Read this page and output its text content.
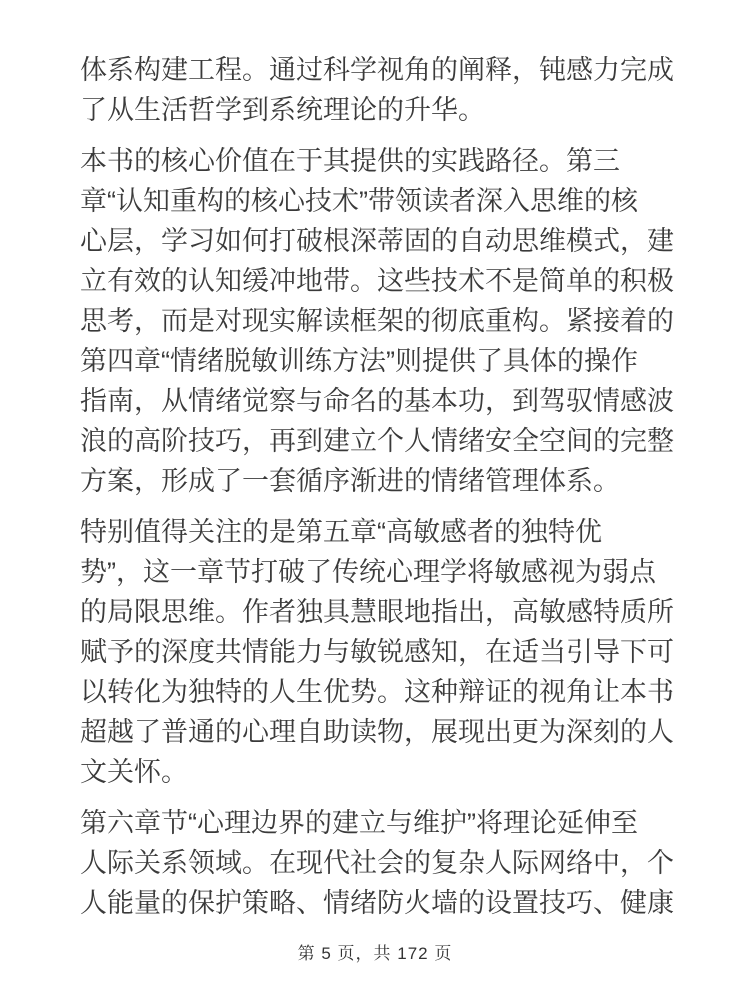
体系构建工程。通过科学视角的阐释，钝感力完成
了从生活哲学到系统理论的升华。
本书的核心价值在于其提供的实践路径。第三
章“认知重构的核心技术”带领读者深入思维的核
心层，学习如何打破根深蒂固的自动思维模式，建
立有效的认知缓冲地带。这些技术不是简单的积极
思考，而是对现实解读框架的彻底重构。紧接着的
第四章“情绪脱敏训练方法”则提供了具体的操作
指南，从情绪觉察与命名的基本功，到驾驭情感波
浪的高阶技巧，再到建立个人情绪安全空间的完整
方案，形成了一套循序渐进的情绪管理体系。
特别值得关注的是第五章“高敏感者的独特优
势”，这一章节打破了传统心理学将敏感视为弱点
的局限思维。作者独具慧眼地指出，高敏感特质所
赋予的深度共情能力与敏锐感知，在适当引导下可
以转化为独特的人生优势。这种辩证的视角让本书
超越了普通的心理自助读物，展现出更为深刻的人
文关怀。
第六章节“心理边界的建立与维护”将理论延伸至
人际关系领域。在现代社会的复杂人际网络中，个
人能量的保护策略、情绪防火墙的设置技巧、健康
第 5 页，共 172 页
